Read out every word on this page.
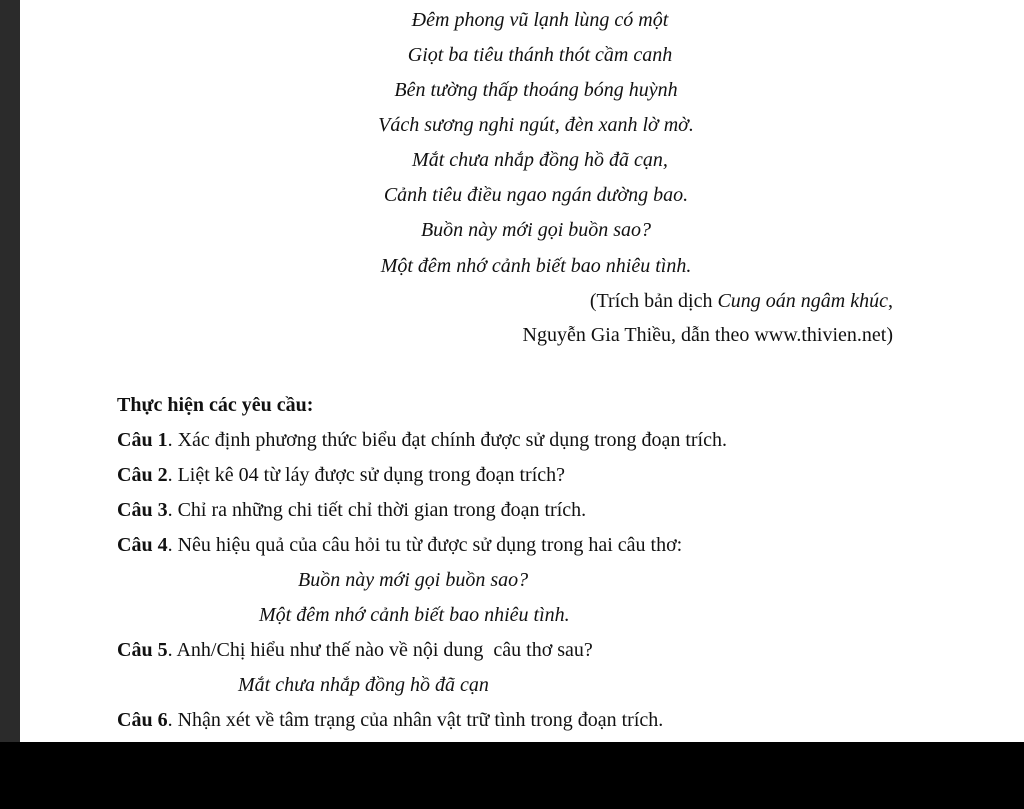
Đêm phong vũ lạnh lùng có một
Giọt ba tiêu thánh thót cầm canh
Bên tường thấp thoáng bóng huỳnh
Vách sương nghi ngút, đèn xanh lờ mờ.
Mắt chưa nhắp đồng hồ đã cạn,
Cảnh tiêu điều ngao ngán dường bao.
Buồn này mới gọi buồn sao?
Một đêm nhớ cảnh biết bao nhiêu tình.
(Trích bản dịch Cung oán ngâm khúc,
Nguyễn Gia Thiều, dẫn theo www.thivien.net)
Thực hiện các yêu cầu:
Câu 1. Xác định phương thức biểu đạt chính được sử dụng trong đoạn trích.
Câu 2. Liệt kê 04 từ láy được sử dụng trong đoạn trích?
Câu 3. Chỉ ra những chi tiết chỉ thời gian trong đoạn trích.
Câu 4. Nêu hiệu quả của câu hỏi tu từ được sử dụng trong hai câu thơ:
Buồn này mới gọi buồn sao?
Một đêm nhớ cảnh biết bao nhiêu tình.
Câu 5. Anh/Chị hiểu như thế nào về nội dung  câu thơ sau?
Mắt chưa nhắp đồng hồ đã cạn
Câu 6. Nhận xét về tâm trạng của nhân vật trữ tình trong đoạn trích.
